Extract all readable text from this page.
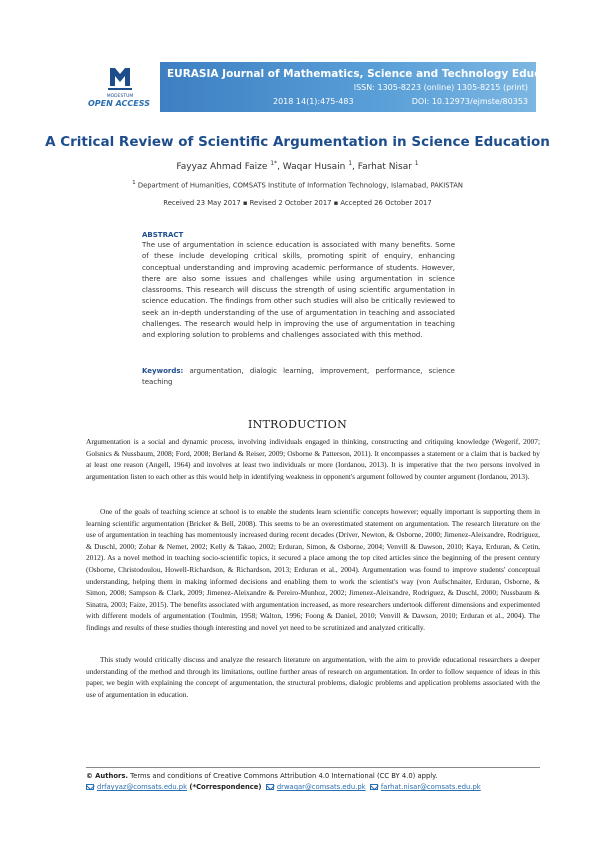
MODESTUM
OPEN ACCESS
EURASIA Journal of Mathematics, Science and Technology Education
ISSN: 1305-8223 (online) 1305-8215 (print)
2018 14(1):475-483	DOI: 10.12973/ejmste/80353
A Critical Review of Scientific Argumentation in Science Education
Fayyaz Ahmad Faize $^{1*}$, Waqar Husain $^1$, Farhat Nisar $^1$
$^1$ Department of Humanities, COMSATS Institute of Information Technology, Islamabad, PAKISTAN
Received 23 May 2017 ▪ Revised 2 October 2017 ▪ Accepted 26 October 2017
ABSTRACT
The use of argumentation in science education is associated with many benefits. Some of these include developing critical skills, promoting spirit of enquiry, enhancing conceptual understanding and improving academic performance of students. However, there are also some issues and challenges while using argumentation in science classrooms. This research will discuss the strength of using scientific argumentation in science education. The findings from other such studies will also be critically reviewed to seek an in-depth understanding of the use of argumentation in teaching and associated challenges. The research would help in improving the use of argumentation in teaching and exploring solution to problems and challenges associated with this method.
Keywords: argumentation, dialogic learning, improvement, performance, science teaching
INTRODUCTION
Argumentation is a social and dynamic process, involving individuals engaged in thinking, constructing and critiquing knowledge (Wegerif, 2007; Golsnics & Nussbaum, 2008; Ford, 2008; Berland & Reiser, 2009; Osborne & Patterson, 2011). It encompasses a statement or a claim that is backed by at least one reason (Angell, 1964) and involves at least two individuals or more (Iordanou, 2013). It is imperative that the two persons involved in argumentation listen to each other as this would help in identifying weakness in opponent's argument followed by counter argument (Iordanou, 2013).
One of the goals of teaching science at school is to enable the students learn scientific concepts however; equally important is supporting them in learning scientific argumentation (Bricker & Bell, 2008). This seems to be an overestimated statement on argumentation. The research literature on the use of argumentation in teaching has momentously increased during recent decades (Driver, Newton, & Osborne, 2000; Jimenez-Aleixandre, Rodriguez, & Duschl, 2000; Zohar & Nemet, 2002; Kelly & Takao, 2002; Erduran, Simon, & Osborne, 2004; Venvill & Dawson, 2010; Kaya, Erduran, & Cetin, 2012). As a novel method in teaching socio-scientific topics, it secured a place among the top cited articles since the beginning of the present century (Osborne, Christodoulou, Howell-Richardson, & Richardson, 2013; Erduran et al., 2004). Argumentation was found to improve students' conceptual understanding, helping them in making informed decisions and enabling them to work the scientist's way (von Aufschnaiter, Erduran, Osborne, & Simon, 2008; Sampson & Clark, 2009; Jimenez-Aleixandre & Pereiro-Munhoz, 2002; Jimenez-Aleixandre, Rodriguez, & Duschl, 2000; Nussbaum & Sinatra, 2003; Faize, 2015). The benefits associated with argumentation increased, as more researchers undertook different dimensions and experimented with different models of argumentation (Toulmin, 1958; Walton, 1996; Foong & Daniel, 2010; Venvill & Dawson, 2010; Erduran et al., 2004). The findings and results of these studies though interesting and novel yet need to be scrutinized and analyzed critically.
This study would critically discuss and analyze the research literature on argumentation, with the aim to provide educational researchers a deeper understanding of the method and through its limitations, outline further areas of research on argumentation. In order to follow sequence of ideas in this paper, we begin with explaining the concept of argumentation, the structural problems, dialogic problems and application problems associated with the use of argumentation in education.
© Authors. Terms and conditions of Creative Commons Attribution 4.0 International (CC BY 4.0) apply.
drfayyaz@comsats.edu.pk (*Correspondence) drwaqar@comsats.edu.pk farhat.nisar@comsats.edu.pk
